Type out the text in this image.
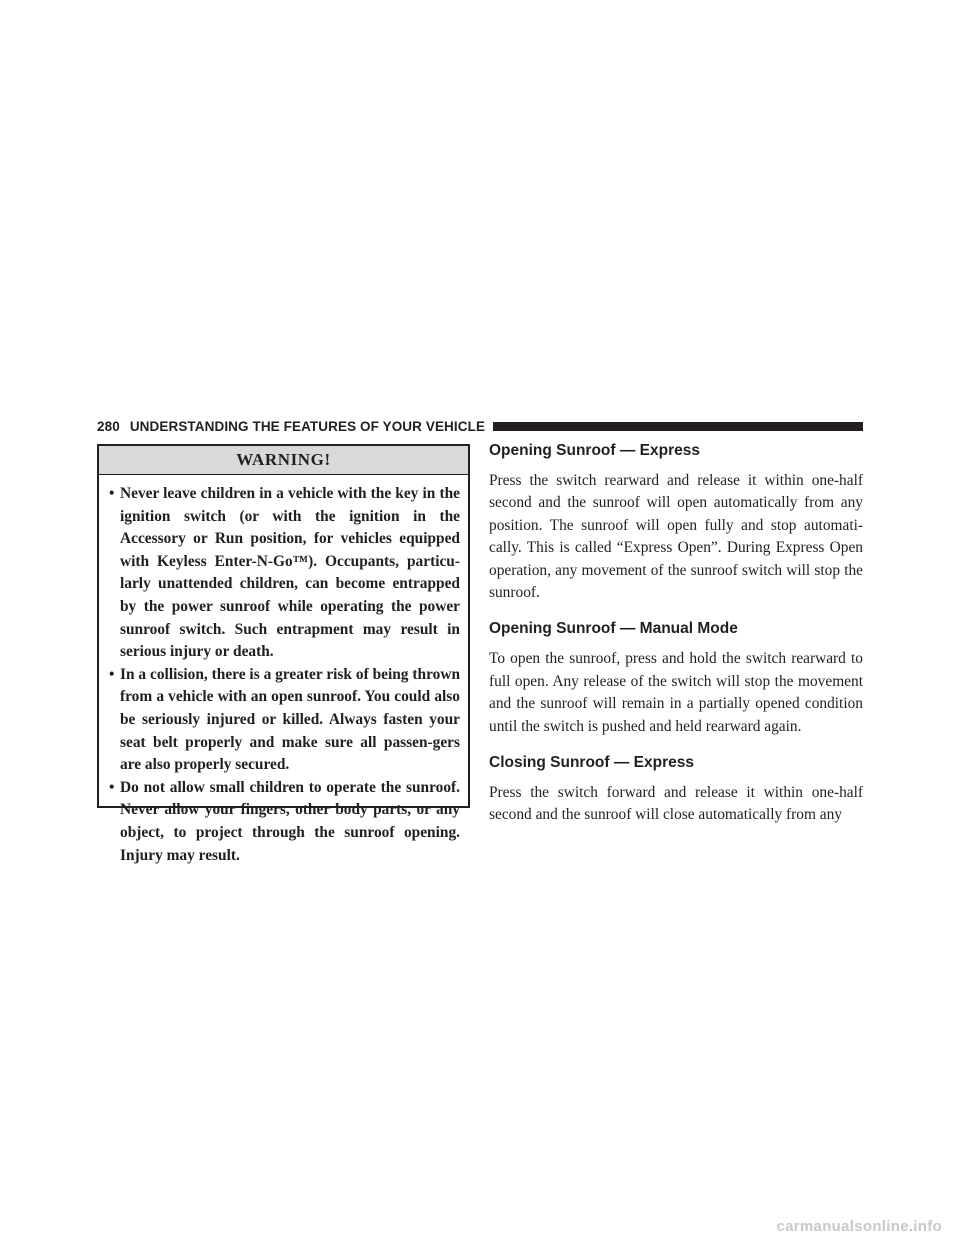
280 UNDERSTANDING THE FEATURES OF YOUR VEHICLE
WARNING!
• Never leave children in a vehicle with the key in the ignition switch (or with the ignition in the Accessory or Run position, for vehicles equipped with Keyless Enter-N-Go™). Occupants, particu-larly unattended children, can become entrapped by the power sunroof while operating the power sunroof switch. Such entrapment may result in serious injury or death.
• In a collision, there is a greater risk of being thrown from a vehicle with an open sunroof. You could also be seriously injured or killed. Always fasten your seat belt properly and make sure all passen-gers are also properly secured.
• Do not allow small children to operate the sunroof. Never allow your fingers, other body parts, or any object, to project through the sunroof opening. Injury may result.
Opening Sunroof — Express

Press the switch rearward and release it within one-half second and the sunroof will open automatically from any position. The sunroof will open fully and stop automati-cally. This is called “Express Open”. During Express Open operation, any movement of the sunroof switch will stop the sunroof.

Opening Sunroof — Manual Mode

To open the sunroof, press and hold the switch rearward to full open. Any release of the switch will stop the movement and the sunroof will remain in a partially opened condition until the switch is pushed and held rearward again.

Closing Sunroof — Express

Press the switch forward and release it within one-half second and the sunroof will close automatically from any

carmanualsonline.info
